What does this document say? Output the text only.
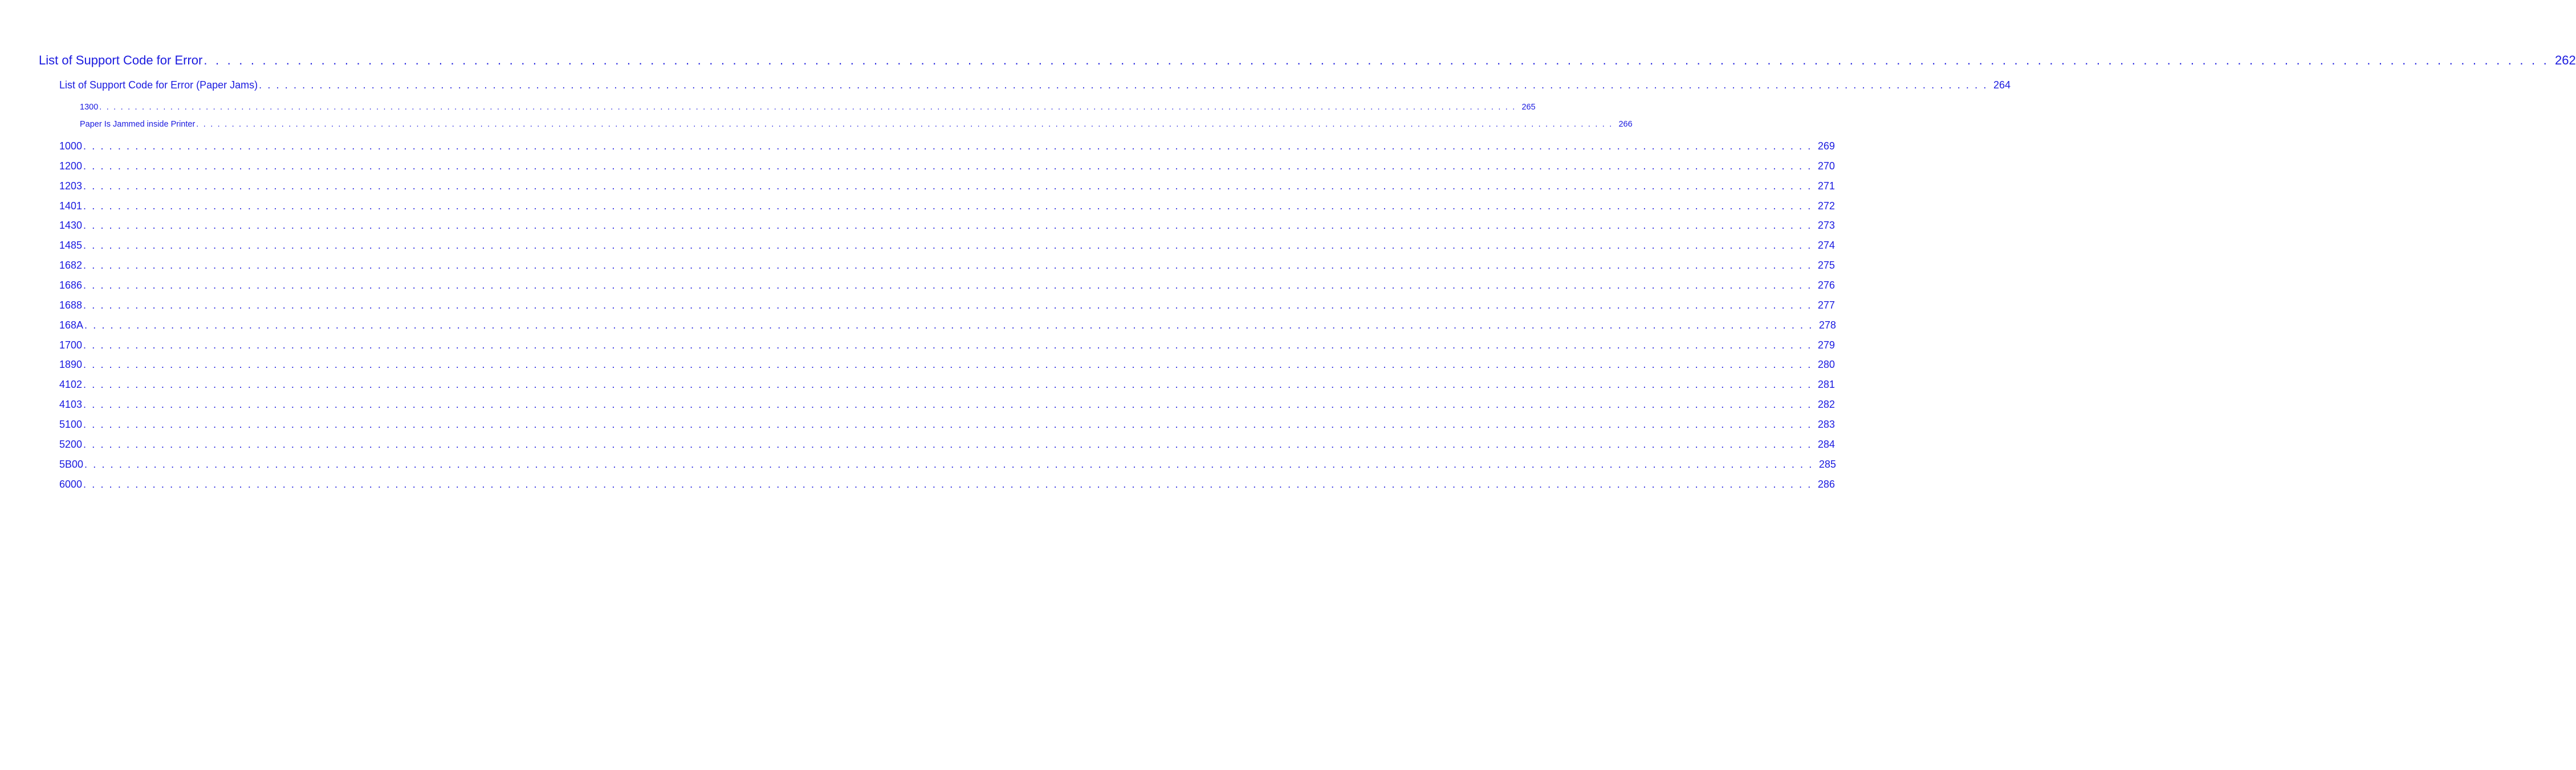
List of Support Code for Error . . . . . . . . . . . . . . . . . . . . . . . . . . . . . . . . . . . . . . . . . . . . . . . . . . . . . . . . . . . . . . . . . . . . . . . . . . . . . . . . . . . . . . . . . . . . . . . . . . . . . . . . . . . . . . . . . . . . . . . . . . . . . . . . . . . . . . . . . . . . . . . . . . . . . . . . . . . . . . . . . . . . . . . . . . . . . . . . . . . . . . . . . . . . . . . . . . . . . . . . 262
List of Support Code for Error (Paper Jams) . . . . . . . . . . . . . . . . . . . . . . . . . . . . . . . . . . . . . . . . . . . . . . . . . . . . . . . . . . . . . . . . . . . . . . . . . . . . . . . . . . . . . . . . . . . . . . . . . . . . . . . . . . . . . . . . . . . . . . . . . . . . . . . . . . . . . . . . . . . . . . . . . . . . . . . . . . . . . . . . . . . . . . . . . . . . . . . . . . . . . . . . . . . . . . . . . . . . . . . . 264
1300 . . . . . . . . . . . . . . . . . . . . . . . . . . . . . . . . . . . . . . . . . . . . . . . . . . . . . . . . . . . . . . . . . . . . . . . . . . . . . . . . . . . . . . . . . . . . . . . . . . . . . . . . . . . . . . . . . . . . . . . . . . . . . . . . . . . . . . . . . . . . . . . . . . . . . . . . . . . . . . . . . . . . . . . . . . . . . . . . . . . . . . . . . . . . . . . . . . . . . . . . 265
Paper Is Jammed inside Printer . . . . . . . . . . . . . . . . . . . . . . . . . . . . . . . . . . . . . . . . . . . . . . . . . . . . . . . . . . . . . . . . . . . . . . . . . . . . . . . . . . . . . . . . . . . . . . . . . . . . . . . . . . . . . . . . . . . . . . . . . . . . . . . . . . . . . . . . . . . . . . . . . . . . . . . . . . . . . . . . . . . . . . . . . . . . . . . . . . . . . . . . . . . . . . . . . . . . . . . . 266
1000 . . . . . . . . . . . . . . . . . . . . . . . . . . . . . . . . . . . . . . . . . . . . . . . . . . . . . . . . . . . . . . . . . . . . . . . . . . . . . . . . . . . . . . . . . . . . . . . . . . . . . . . . . . . . . . . . . . . . . . . . . . . . . . . . . . . . . . . . . . . . . . . . . . . . . . . . . . . . . . . . . . . . . . . . . . . . . . . . . . . . . . . . . . . . . . . . . . . . . . . . 269
1200 . . . . . . . . . . . . . . . . . . . . . . . . . . . . . . . . . . . . . . . . . . . . . . . . . . . . . . . . . . . . . . . . . . . . . . . . . . . . . . . . . . . . . . . . . . . . . . . . . . . . . . . . . . . . . . . . . . . . . . . . . . . . . . . . . . . . . . . . . . . . . . . . . . . . . . . . . . . . . . . . . . . . . . . . . . . . . . . . . . . . . . . . . . . . . . . . . . . . . . . . 270
1203 . . . . . . . . . . . . . . . . . . . . . . . . . . . . . . . . . . . . . . . . . . . . . . . . . . . . . . . . . . . . . . . . . . . . . . . . . . . . . . . . . . . . . . . . . . . . . . . . . . . . . . . . . . . . . . . . . . . . . . . . . . . . . . . . . . . . . . . . . . . . . . . . . . . . . . . . . . . . . . . . . . . . . . . . . . . . . . . . . . . . . . . . . . . . . . . . . . . . . . . . 271
1401 . . . . . . . . . . . . . . . . . . . . . . . . . . . . . . . . . . . . . . . . . . . . . . . . . . . . . . . . . . . . . . . . . . . . . . . . . . . . . . . . . . . . . . . . . . . . . . . . . . . . . . . . . . . . . . . . . . . . . . . . . . . . . . . . . . . . . . . . . . . . . . . . . . . . . . . . . . . . . . . . . . . . . . . . . . . . . . . . . . . . . . . . . . . . . . . . . . . . . . . . 272
1430 . . . . . . . . . . . . . . . . . . . . . . . . . . . . . . . . . . . . . . . . . . . . . . . . . . . . . . . . . . . . . . . . . . . . . . . . . . . . . . . . . . . . . . . . . . . . . . . . . . . . . . . . . . . . . . . . . . . . . . . . . . . . . . . . . . . . . . . . . . . . . . . . . . . . . . . . . . . . . . . . . . . . . . . . . . . . . . . . . . . . . . . . . . . . . . . . . . . . . . . . 273
1485 . . . . . . . . . . . . . . . . . . . . . . . . . . . . . . . . . . . . . . . . . . . . . . . . . . . . . . . . . . . . . . . . . . . . . . . . . . . . . . . . . . . . . . . . . . . . . . . . . . . . . . . . . . . . . . . . . . . . . . . . . . . . . . . . . . . . . . . . . . . . . . . . . . . . . . . . . . . . . . . . . . . . . . . . . . . . . . . . . . . . . . . . . . . . . . . . . . . . . . . . 274
1682 . . . . . . . . . . . . . . . . . . . . . . . . . . . . . . . . . . . . . . . . . . . . . . . . . . . . . . . . . . . . . . . . . . . . . . . . . . . . . . . . . . . . . . . . . . . . . . . . . . . . . . . . . . . . . . . . . . . . . . . . . . . . . . . . . . . . . . . . . . . . . . . . . . . . . . . . . . . . . . . . . . . . . . . . . . . . . . . . . . . . . . . . . . . . . . . . . . . . . . . . 275
1686 . . . . . . . . . . . . . . . . . . . . . . . . . . . . . . . . . . . . . . . . . . . . . . . . . . . . . . . . . . . . . . . . . . . . . . . . . . . . . . . . . . . . . . . . . . . . . . . . . . . . . . . . . . . . . . . . . . . . . . . . . . . . . . . . . . . . . . . . . . . . . . . . . . . . . . . . . . . . . . . . . . . . . . . . . . . . . . . . . . . . . . . . . . . . . . . . . . . . . . . . 276
1688 . . . . . . . . . . . . . . . . . . . . . . . . . . . . . . . . . . . . . . . . . . . . . . . . . . . . . . . . . . . . . . . . . . . . . . . . . . . . . . . . . . . . . . . . . . . . . . . . . . . . . . . . . . . . . . . . . . . . . . . . . . . . . . . . . . . . . . . . . . . . . . . . . . . . . . . . . . . . . . . . . . . . . . . . . . . . . . . . . . . . . . . . . . . . . . . . . . . . . . . . 277
168A . . . . . . . . . . . . . . . . . . . . . . . . . . . . . . . . . . . . . . . . . . . . . . . . . . . . . . . . . . . . . . . . . . . . . . . . . . . . . . . . . . . . . . . . . . . . . . . . . . . . . . . . . . . . . . . . . . . . . . . . . . . . . . . . . . . . . . . . . . . . . . . . . . . . . . . . . . . . . . . . . . . . . . . . . . . . . . . . . . . . . . . . . . . . . . . . . . . . . . . . 278
1700 . . . . . . . . . . . . . . . . . . . . . . . . . . . . . . . . . . . . . . . . . . . . . . . . . . . . . . . . . . . . . . . . . . . . . . . . . . . . . . . . . . . . . . . . . . . . . . . . . . . . . . . . . . . . . . . . . . . . . . . . . . . . . . . . . . . . . . . . . . . . . . . . . . . . . . . . . . . . . . . . . . . . . . . . . . . . . . . . . . . . . . . . . . . . . . . . . . . . . . . . 279
1890 . . . . . . . . . . . . . . . . . . . . . . . . . . . . . . . . . . . . . . . . . . . . . . . . . . . . . . . . . . . . . . . . . . . . . . . . . . . . . . . . . . . . . . . . . . . . . . . . . . . . . . . . . . . . . . . . . . . . . . . . . . . . . . . . . . . . . . . . . . . . . . . . . . . . . . . . . . . . . . . . . . . . . . . . . . . . . . . . . . . . . . . . . . . . . . . . . . . . . . . . 280
4102 . . . . . . . . . . . . . . . . . . . . . . . . . . . . . . . . . . . . . . . . . . . . . . . . . . . . . . . . . . . . . . . . . . . . . . . . . . . . . . . . . . . . . . . . . . . . . . . . . . . . . . . . . . . . . . . . . . . . . . . . . . . . . . . . . . . . . . . . . . . . . . . . . . . . . . . . . . . . . . . . . . . . . . . . . . . . . . . . . . . . . . . . . . . . . . . . . . . . . . . . 281
4103 . . . . . . . . . . . . . . . . . . . . . . . . . . . . . . . . . . . . . . . . . . . . . . . . . . . . . . . . . . . . . . . . . . . . . . . . . . . . . . . . . . . . . . . . . . . . . . . . . . . . . . . . . . . . . . . . . . . . . . . . . . . . . . . . . . . . . . . . . . . . . . . . . . . . . . . . . . . . . . . . . . . . . . . . . . . . . . . . . . . . . . . . . . . . . . . . . . . . . . . . 282
5100 . . . . . . . . . . . . . . . . . . . . . . . . . . . . . . . . . . . . . . . . . . . . . . . . . . . . . . . . . . . . . . . . . . . . . . . . . . . . . . . . . . . . . . . . . . . . . . . . . . . . . . . . . . . . . . . . . . . . . . . . . . . . . . . . . . . . . . . . . . . . . . . . . . . . . . . . . . . . . . . . . . . . . . . . . . . . . . . . . . . . . . . . . . . . . . . . . . . . . . . . 283
5200 . . . . . . . . . . . . . . . . . . . . . . . . . . . . . . . . . . . . . . . . . . . . . . . . . . . . . . . . . . . . . . . . . . . . . . . . . . . . . . . . . . . . . . . . . . . . . . . . . . . . . . . . . . . . . . . . . . . . . . . . . . . . . . . . . . . . . . . . . . . . . . . . . . . . . . . . . . . . . . . . . . . . . . . . . . . . . . . . . . . . . . . . . . . . . . . . . . . . . . . . 284
5B00 . . . . . . . . . . . . . . . . . . . . . . . . . . . . . . . . . . . . . . . . . . . . . . . . . . . . . . . . . . . . . . . . . . . . . . . . . . . . . . . . . . . . . . . . . . . . . . . . . . . . . . . . . . . . . . . . . . . . . . . . . . . . . . . . . . . . . . . . . . . . . . . . . . . . . . . . . . . . . . . . . . . . . . . . . . . . . . . . . . . . . . . . . . . . . . . . . . . . . . . . 285
6000 . . . . . . . . . . . . . . . . . . . . . . . . . . . . . . . . . . . . . . . . . . . . . . . . . . . . . . . . . . . . . . . . . . . . . . . . . . . . . . . . . . . . . . . . . . . . . . . . . . . . . . . . . . . . . . . . . . . . . . . . . . . . . . . . . . . . . . . . . . . . . . . . . . . . . . . . . . . . . . . . . . . . . . . . . . . . . . . . . . . . . . . . . . . . . . . . . . . . . . . . 286
